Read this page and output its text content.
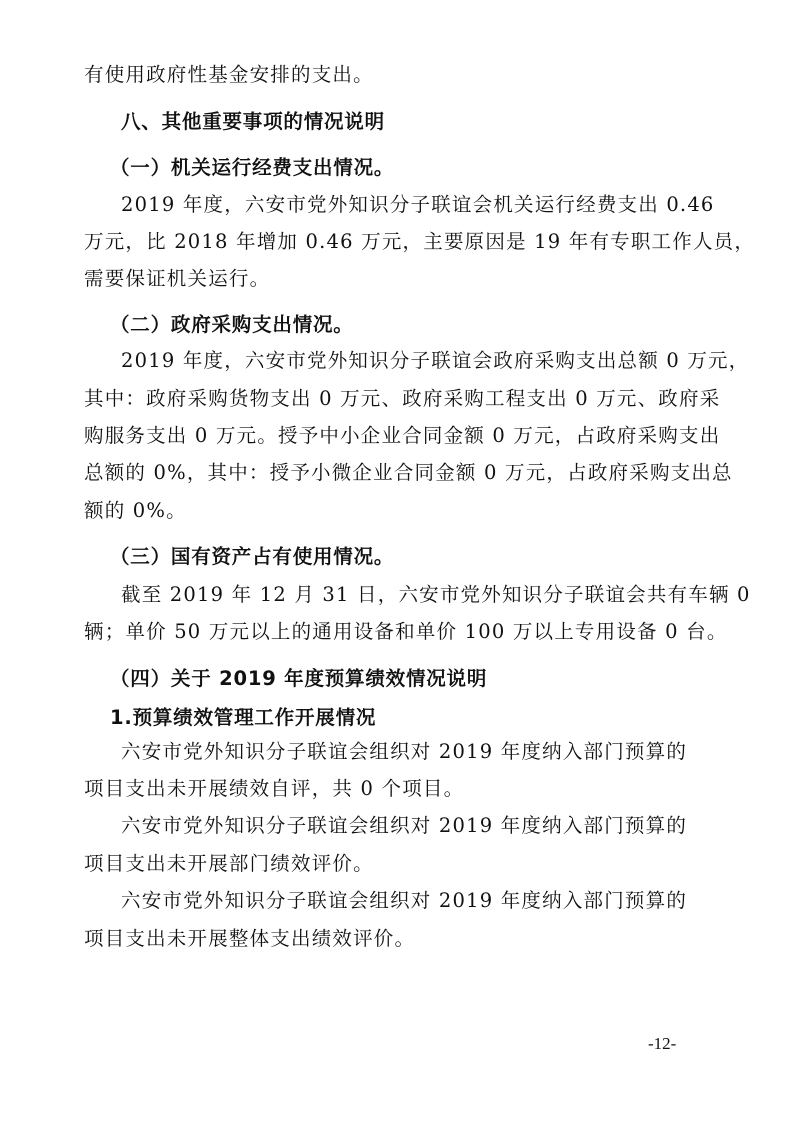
有使用政府性基金安排的支出。
八、其他重要事项的情况说明
（一）机关运行经费支出情况。
2019 年度，六安市党外知识分子联谊会机关运行经费支出 0.46
万元，比 2018 年增加 0.46 万元，主要原因是 19 年有专职工作人员，
需要保证机关运行。
（二）政府采购支出情况。
2019 年度，六安市党外知识分子联谊会政府采购支出总额 0 万元，
其中：政府采购货物支出 0 万元、政府采购工程支出 0 万元、政府采
购服务支出 0 万元。授予中小企业合同金额 0 万元，占政府采购支出
总额的 0%，其中：授予小微企业合同金额 0 万元，占政府采购支出总
额的 0%。
（三）国有资产占有使用情况。
截至 2019 年 12 月 31 日，六安市党外知识分子联谊会共有车辆 0
辆；单价 50 万元以上的通用设备和单价 100 万以上专用设备 0 台。
（四）关于 2019 年度预算绩效情况说明
1.预算绩效管理工作开展情况
六安市党外知识分子联谊会组织对 2019 年度纳入部门预算的
项目支出未开展绩效自评，共 0 个项目。
六安市党外知识分子联谊会组织对 2019 年度纳入部门预算的
项目支出未开展部门绩效评价。
六安市党外知识分子联谊会组织对 2019 年度纳入部门预算的
项目支出未开展整体支出绩效评价。
-12-
